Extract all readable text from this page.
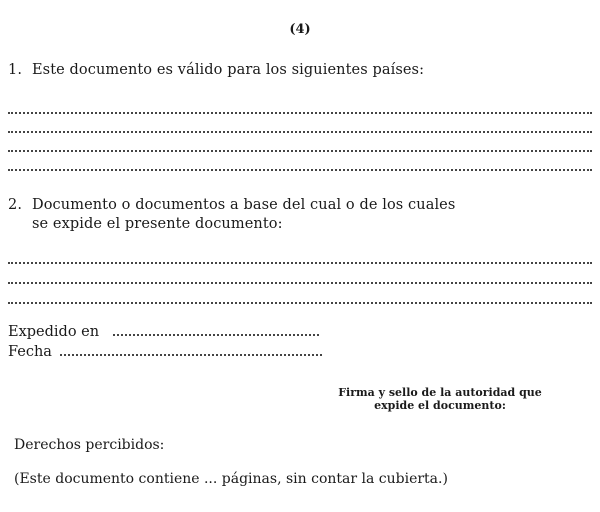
(4)
1. Este documento es válido para los siguientes países:
2. Documento o documentos a base del cual o de los cuales
se expide el presente documento:
Expedido en
Fecha
Firma y sello de la autoridad que
expide el documento:
Derechos percibidos:
(Este documento contiene ... páginas, sin contar la cubierta.)
